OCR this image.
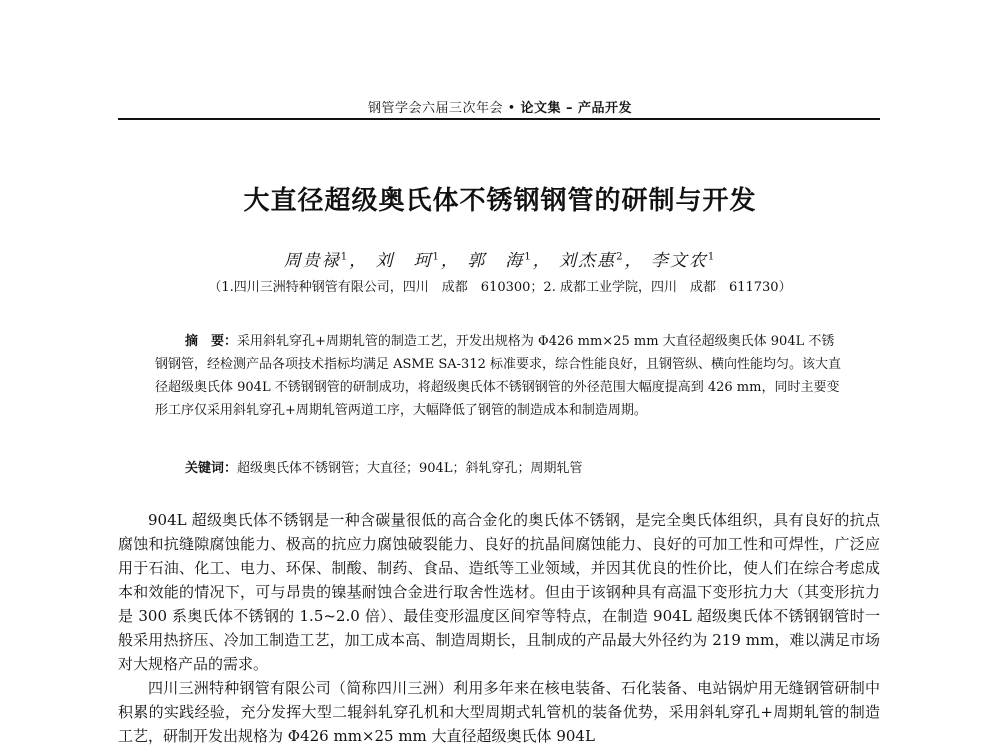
钢管学会六届三次年会 • 论文集 – 产品开发
大直径超级奥氏体不锈钢钢管的研制与开发
周贵禄$^1$， 刘　珂$^1$， 郭　海$^1$， 刘杰惠$^2$， 李文农$^1$
（1.四川三洲特种钢管有限公司，四川　成都　610300；2. 成都工业学院，四川　成都　611730）
摘　要：采用斜轧穿孔+周期轧管的制造工艺，开发出规格为 Φ426 mm×25 mm 大直径超级奥氏体 904L 不锈钢钢管，经检测产品各项技术指标均满足 ASME SA-312 标准要求，综合性能良好，且钢管纵、横向性能均匀。该大直径超级奥氏体 904L 不锈钢钢管的研制成功，将超级奥氏体不锈钢钢管的外径范围大幅度提高到 426 mm，同时主要变形工序仅采用斜轧穿孔+周期轧管两道工序，大幅降低了钢管的制造成本和制造周期。
关键词：超级奥氏体不锈钢管；大直径；904L；斜轧穿孔；周期轧管

904L 超级奥氏体不锈钢是一种含碳量很低的高合金化的奥氏体不锈钢，是完全奥氏体组织，具有良好的抗点腐蚀和抗缝隙腐蚀能力、极高的抗应力腐蚀破裂能力、良好的抗晶间腐蚀能力、良好的可加工性和可焊性，广泛应用于石油、化工、电力、环保、制酸、制药、食品、造纸等工业领域，并因其优良的性价比，使人们在综合考虑成本和效能的情况下，可与昂贵的镍基耐蚀合金进行取舍性选材。但由于该钢种具有高温下变形抗力大（其变形抗力是 300 系奥氏体不锈钢的 1.5~2.0 倍）、最佳变形温度区间窄等特点，在制造 904L 超级奥氏体不锈钢钢管时一般采用热挤压、冷加工制造工艺，加工成本高、制造周期长，且制成的产品最大外径约为 219 mm，难以满足市场对大规格产品的需求。

四川三洲特种钢管有限公司（简称四川三洲）利用多年来在核电装备、石化装备、电站锅炉用无缝钢管研制中积累的实践经验，充分发挥大型二辊斜轧穿孔机和大型周期式轧管机的装备优势，采用斜轧穿孔+周期轧管的制造工艺，研制开发出规格为 Φ426 mm×25 mm 大直径超级奥氏体 904L
